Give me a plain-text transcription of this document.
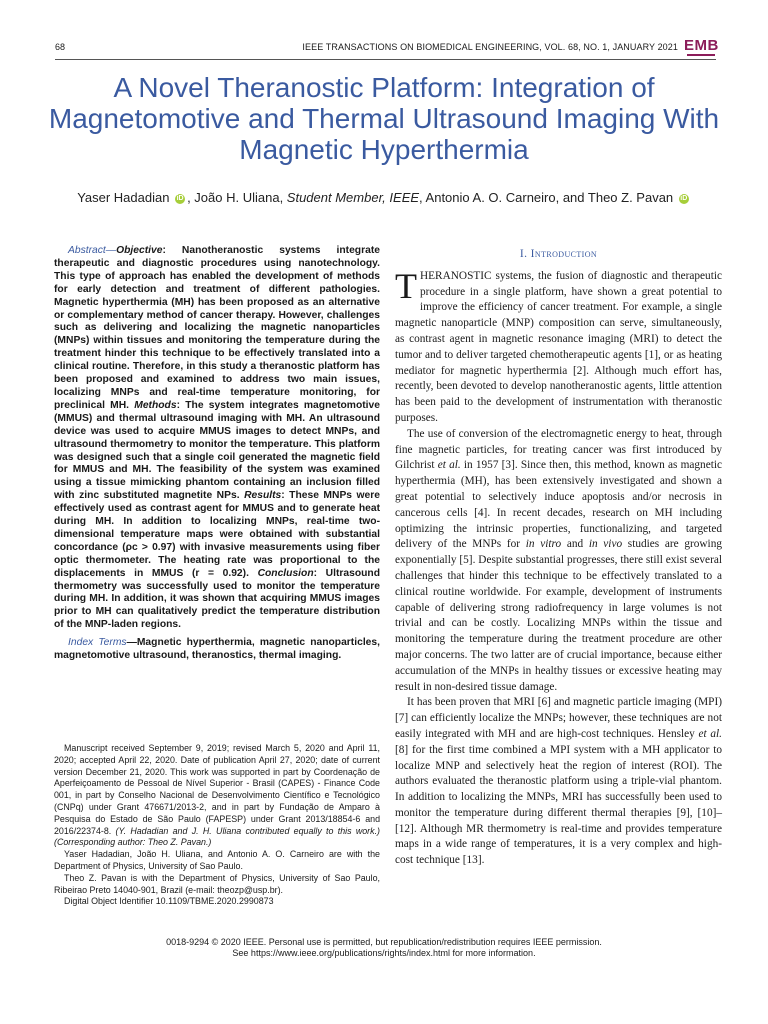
68	IEEE TRANSACTIONS ON BIOMEDICAL ENGINEERING, VOL. 68, NO. 1, JANUARY 2021 EMB
A Novel Theranostic Platform: Integration of Magnetomotive and Thermal Ultrasound Imaging With Magnetic Hyperthermia
Yaser Hadadian iD , João H. Uliana, Student Member, IEEE, Antonio A. O. Carneiro, and Theo Z. Pavan iD

Abstract—Objective: Nanotheranostic systems integrate therapeutic and diagnostic procedures using nanotechnology. This type of approach has enabled the development of methods for early detection and treatment of different pathologies. Magnetic hyperthermia (MH) has been proposed as an alternative or complementary method of cancer therapy. However, challenges such as delivering and localizing the magnetic nanoparticles (MNPs) within tissues and monitoring the temperature during the treatment hinder this technique to be effectively translated into a clinical routine. Therefore, in this study a theranostic platform has been proposed and examined to address two main issues, localizing MNPs and real-time temperature monitoring, for preclinical MH. Methods: The system integrates magnetomotive (MMUS) and thermal ultrasound imaging with MH. An ultrasound device was used to acquire MMUS images to detect MNPs, and ultrasound thermometry to monitor the temperature. This platform was designed such that a single coil generated the magnetic field for MMUS and MH. The feasibility of the system was examined using a tissue mimicking phantom containing an inclusion filled with zinc substituted magnetite NPs. Results: These MNPs were effectively used as contrast agent for MMUS and to generate heat during MH. In addition to localizing MNPs, real-time two-dimensional temperature maps were obtained with substantial concordance (ρc > 0.97) with invasive measurements using fiber optic thermometer. The heating rate was proportional to the displacements in MMUS (r = 0.92). Conclusion: Ultrasound thermometry was successfully used to monitor the temperature during MH. In addition, it was shown that acquiring MMUS images prior to MH can qualitatively predict the temperature distribution of the MNP-laden regions.

Index Terms—Magnetic hyperthermia, magnetic nanoparticles, magnetomotive ultrasound, theranostics, thermal imaging.

Manuscript received September 9, 2019; revised March 5, 2020 and April 11, 2020; accepted April 22, 2020. Date of publication April 27, 2020; date of current version December 21, 2020. This work was supported in part by Coordenação de Aperfeiçoamento de Pessoal de Nível Superior - Brasil (CAPES) - Finance Code 001, in part by Conselho Nacional de Desenvolvimento Científico e Tecnológico (CNPq) under Grant 476671/2013-2, and in part by Fundação de Amparo à Pesquisa do Estado de São Paulo (FAPESP) under Grant 2013/18854-6 and 2016/22374-8. (Y. Hadadian and J. H. Uliana contributed equally to this work.) (Corresponding author: Theo Z. Pavan.)

Yaser Hadadian, João H. Uliana, and Antonio A. O. Carneiro are with the Department of Physics, University of Sao Paulo.

Theo Z. Pavan is with the Department of Physics, University of Sao Paulo, Ribeirao Preto 14040-901, Brazil (e-mail: theozp@usp.br).

Digital Object Identifier 10.1109/TBME.2020.2990873

I. Introduction

THERANOSTIC systems, the fusion of diagnostic and therapeutic procedure in a single platform, have shown a great potential to improve the efficiency of cancer treatment. For example, a single magnetic nanoparticle (MNP) composition can serve, simultaneously, as contrast agent in magnetic resonance imaging (MRI) to detect the tumor and to deliver targeted chemotherapeutic agents [1], or as heating mediator for magnetic hyperthermia [2]. Although much effort has, recently, been devoted to develop nanotheranostic agents, little attention has been paid to the development of instrumentation with theranostic purposes.

The use of conversion of the electromagnetic energy to heat, through fine magnetic particles, for treating cancer was first introduced by Gilchrist et al. in 1957 [3]. Since then, this method, known as magnetic hyperthermia (MH), has been extensively investigated and shown a great potential to selectively induce apoptosis and/or necrosis in cancerous cells [4]. In recent decades, research on MH including optimizing the intrinsic properties, functionalizing, and targeted delivery of the MNPs for in vitro and in vivo studies are growing exponentially [5]. Despite substantial progresses, there still exist several challenges that hinder this technique to be effectively translated to a clinical routine worldwide. For example, development of instruments capable of delivering strong radiofrequency in large volumes is not trivial and can be costly. Localizing MNPs within the tissue and monitoring the temperature during the treatment procedure are other major concerns. The two latter are of crucial importance, because either accumulation of the MNPs in healthy tissues or excessive heating may result in non-desired tissue damage.

It has been proven that MRI [6] and magnetic particle imaging (MPI) [7] can efficiently localize the MNPs; however, these techniques are not easily integrated with MH and are high-cost techniques. Hensley et al. [8] for the first time combined a MPI system with a MH applicator to localize MNP and selectively heat the region of interest (ROI). The authors evaluated the theranostic platform using a triple-vial phantom. In addition to localizing the MNPs, MRI has successfully been used to monitor the temperature during different thermal therapies [9], [10]–[12]. Although MR thermometry is real-time and provides temperature maps in a wide range of temperatures, it is a very complex and high-cost technique [13].

0018-9294 © 2020 IEEE. Personal use is permitted, but republication/redistribution requires IEEE permission.
See https://www.ieee.org/publications/rights/index.html for more information.
